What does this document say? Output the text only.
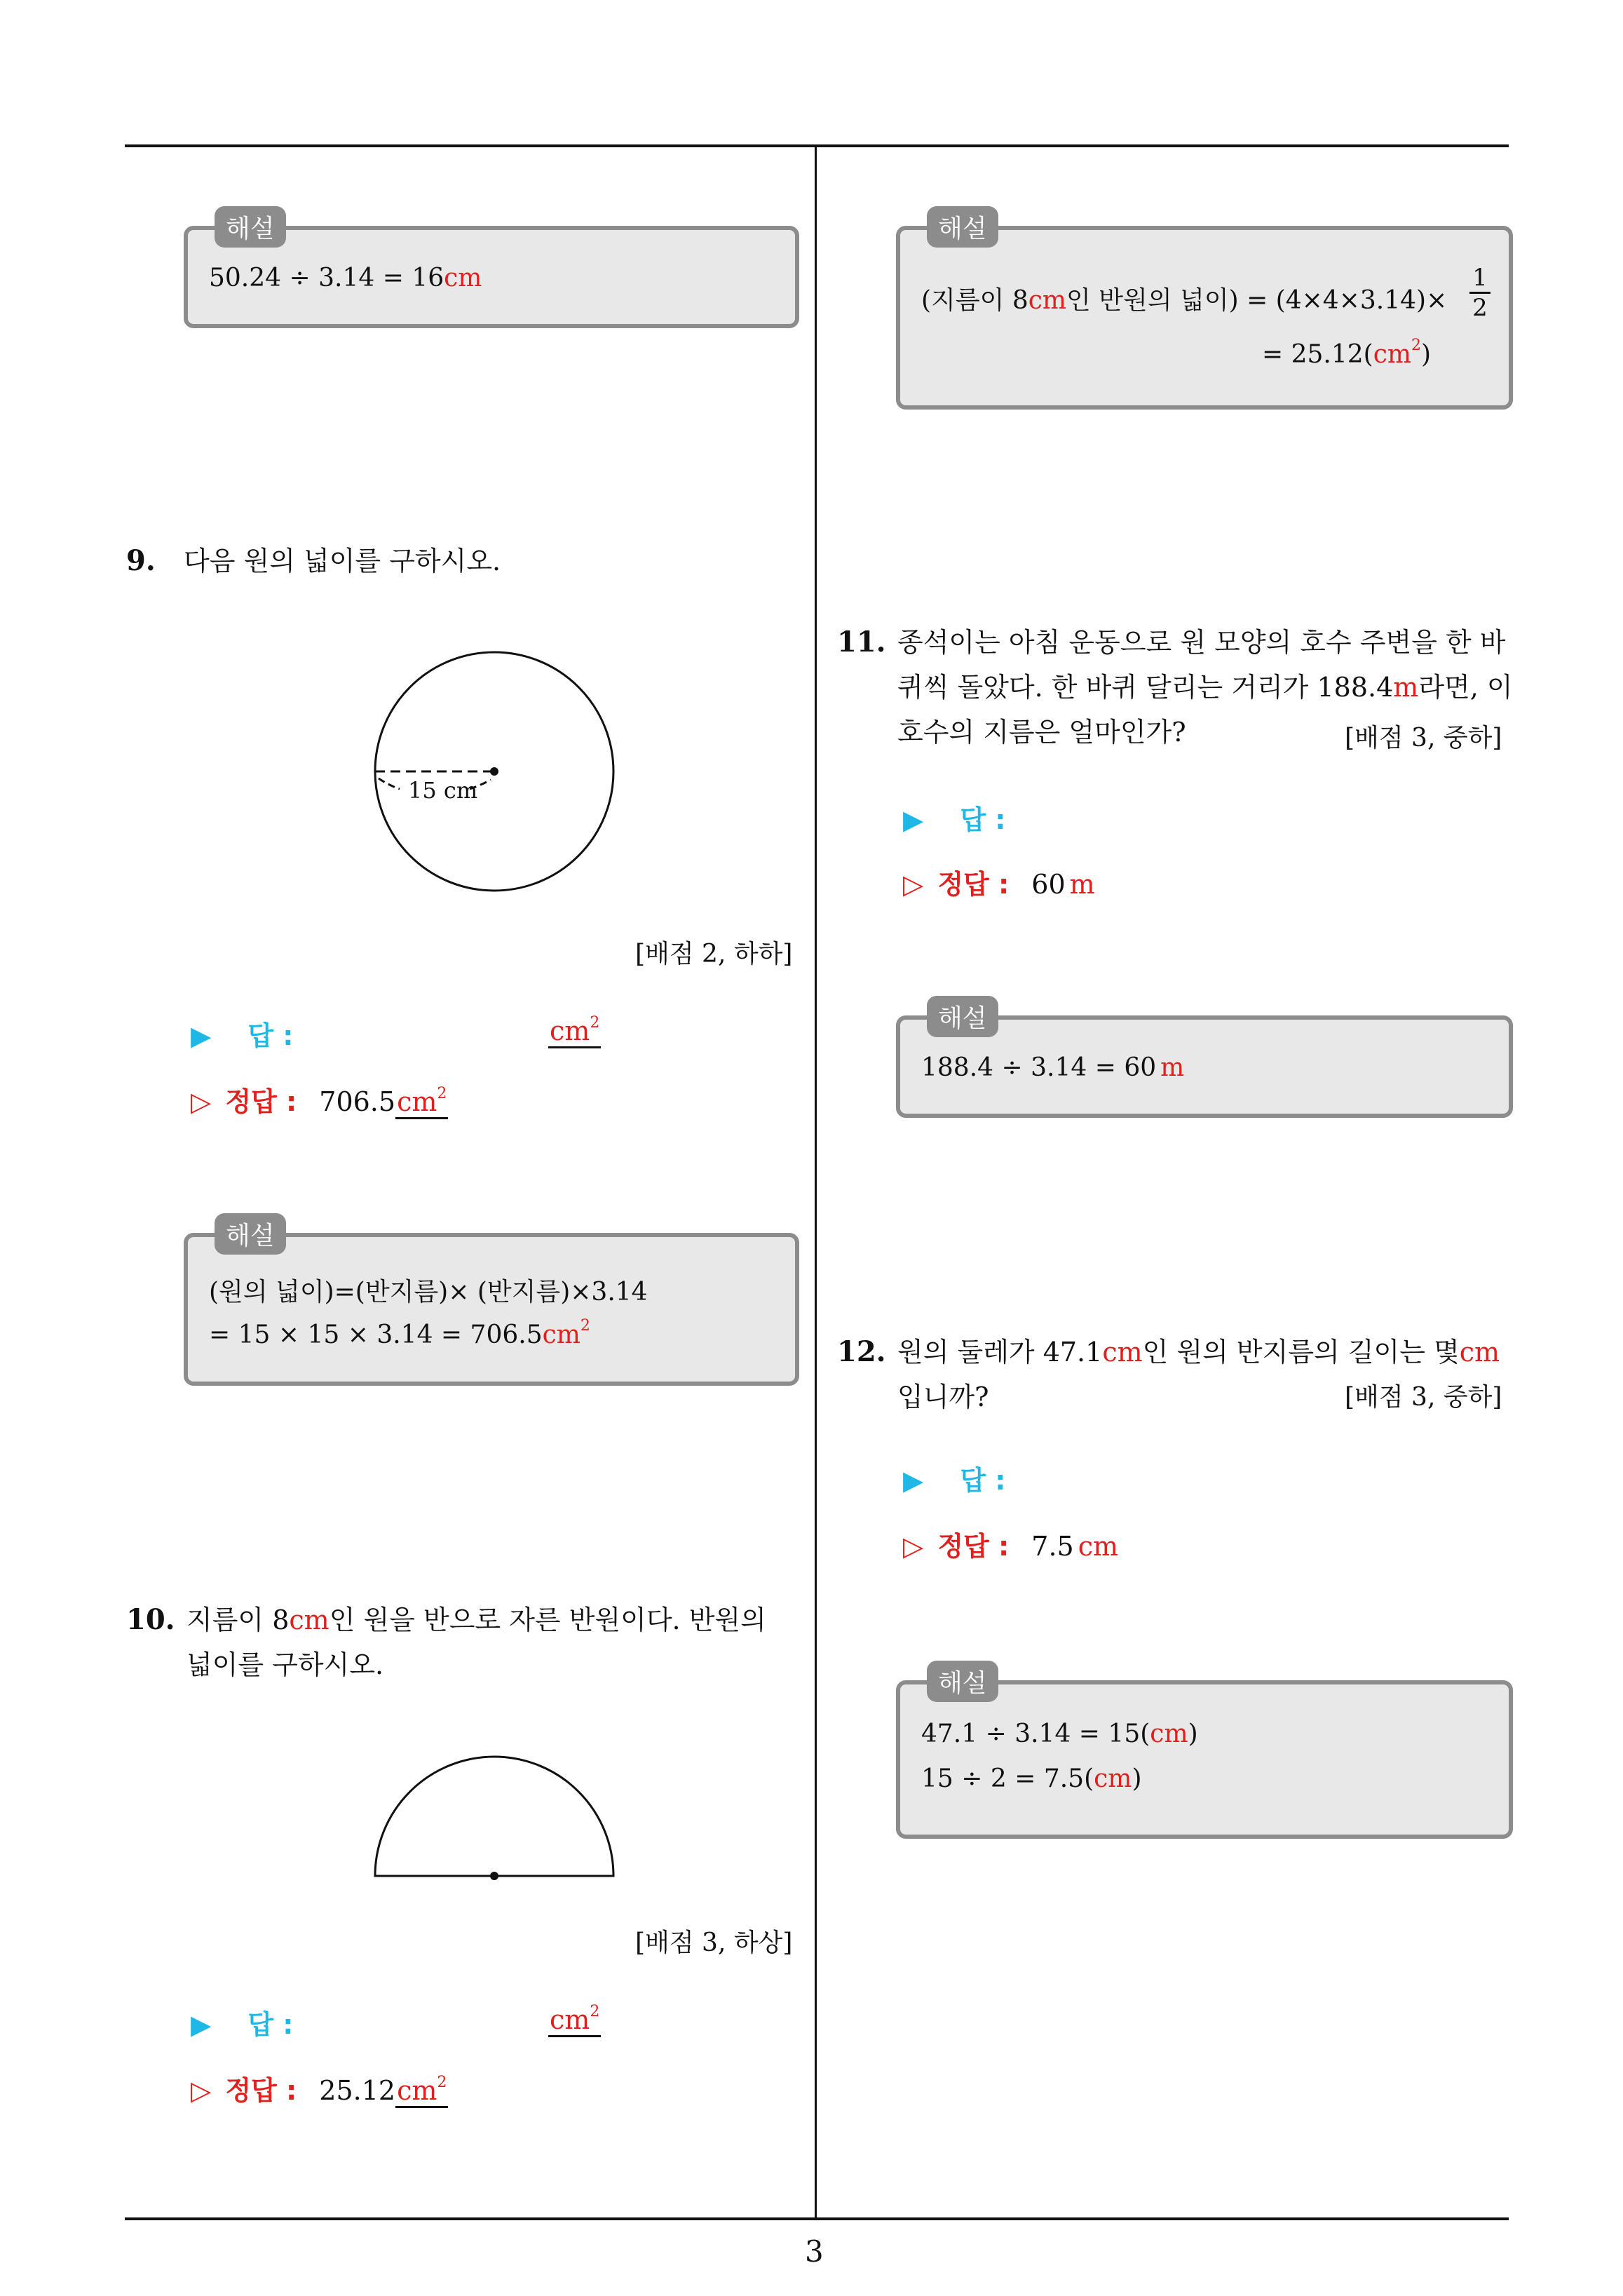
3
해설
50.24 ÷ 3.14 = 16cm
9. 다음 원의 넓이를 구하시오.
15 cm
[배점 2, 하하]
▶ 답 :	$cm^2$
▷ 정답 : $706.5cm^2$
해설
(원의 넓이)=(반지름)× (반지름)×3.14
= $15 \times 15 \times 3.14 = 706.5cm^2$
10. 지름이 8cm인 원을 반으로 자른 반원이다. 반원의
넓이를 구하시오.
[배점 3, 하상]
▶ 답 :	$cm^2$
▷ 정답 : $25.12cm^2$
해설
(지름이 8cm인 반원의 넓이) = (4×4×3.14)×
1
2
= $25.12(cm^2)$
11. 종석이는 아침 운동으로 원 모양의 호수 주변을 한 바
퀴씩 돌았다. 한 바퀴 달리는 거리가 188.4m라면, 이
호수의 지름은 얼마인가?	[배점 3, 중하]
▶ 답 :
▷ 정답 : 60 m
해설
188.4 ÷ 3.14 = 60 m
12. 원의 둘레가 47.1cm인 원의 반지름의 길이는 몇cm
입니까?	[배점 3, 중하]
▶ 답 :
▷ 정답 : 7.5 cm
해설
47.1 ÷ 3.14 = 15(cm)
15 ÷ 2 = 7.5(cm)
